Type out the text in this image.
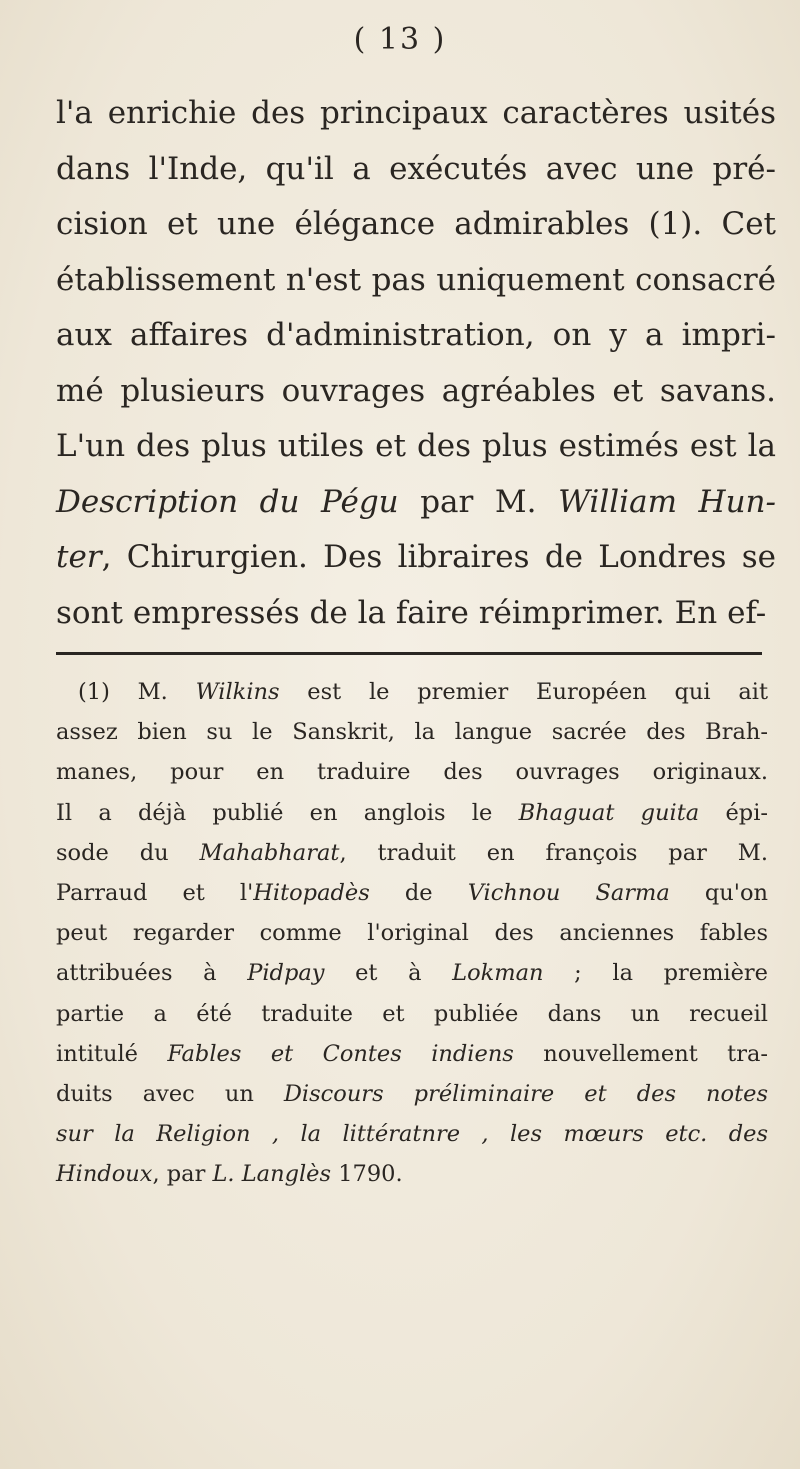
( 13 )
l'a enrichie des principaux caractères usités
dans l'Inde, qu'il a exécutés avec une pré-
cision et une élégance admirables (1). Cet
établissement n'est pas uniquement consacré
aux affaires d'administration, on y a impri-
mé plusieurs ouvrages agréables et savans.
L'un des plus utiles et des plus estimés est la
Description du Pégu par M. William Hun-
ter, Chirurgien. Des libraires de Londres se
sont empressés de la faire réimprimer. En ef-
(1) M. Wilkins est le premier Européen qui ait
assez bien su le Sanskrit, la langue sacrée des Brah-
manes, pour en traduire des ouvrages originaux.
Il a déjà publié en anglois le Bhaguat guita épi-
sode du Mahabharat, traduit en françois par M.
Parraud et l'Hitopadès de Vichnou Sarma qu'on
peut regarder comme l'original des anciennes fables
attribuées à Pidpay et à Lokman ; la première
partie a été traduite et publiée dans un recueil
intitulé Fables et Contes indiens nouvellement tra-
duits avec un Discours préliminaire et des notes
sur la Religion , la littératnre , les mœurs etc. des
Hindoux, par L. Langlès 1790.
